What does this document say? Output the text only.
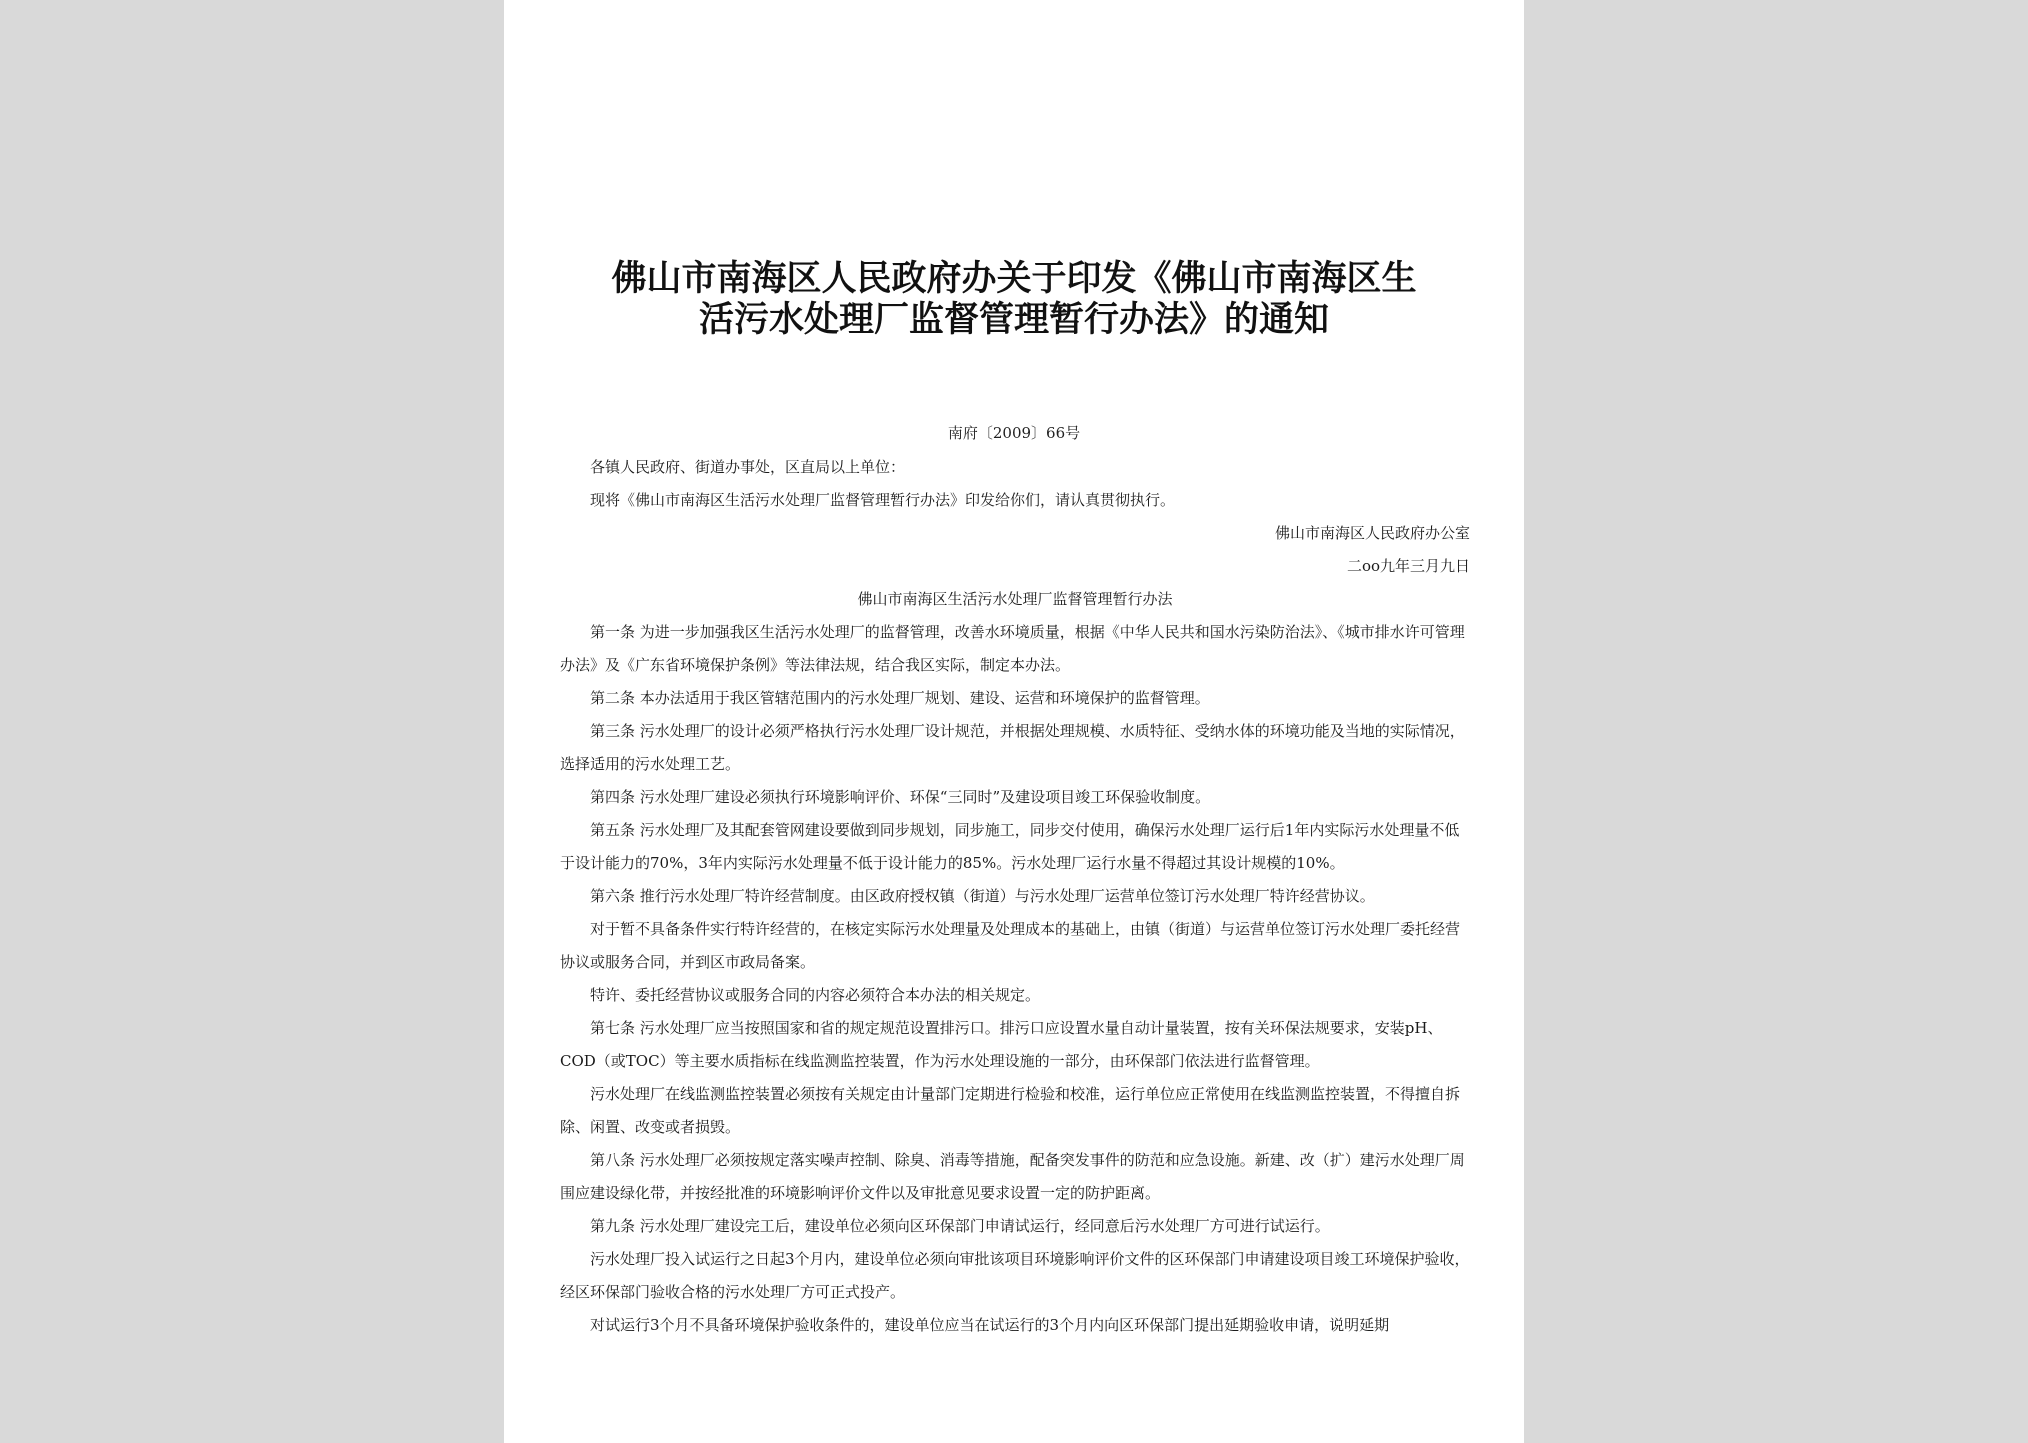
佛山市南海区人民政府办关于印发《佛山市南海区生
活污水处理厂监督管理暂行办法》的通知
南府〔2009〕66号

各镇人民政府、街道办事处，区直局以上单位：

现将《佛山市南海区生活污水处理厂监督管理暂行办法》印发给你们，请认真贯彻执行。

佛山市南海区人民政府办公室

二oo九年三月九日

佛山市南海区生活污水处理厂监督管理暂行办法

第一条 为进一步加强我区生活污水处理厂的监督管理，改善水环境质量，根据《中华人民共和国水污染防治法》、《城市排水许可管理办法》及《广东省环境保护条例》等法律法规，结合我区实际，制定本办法。

第二条 本办法适用于我区管辖范围内的污水处理厂规划、建设、运营和环境保护的监督管理。

第三条 污水处理厂的设计必须严格执行污水处理厂设计规范，并根据处理规模、水质特征、受纳水体的环境功能及当地的实际情况，选择适用的污水处理工艺。

第四条 污水处理厂建设必须执行环境影响评价、环保“三同时”及建设项目竣工环保验收制度。

第五条 污水处理厂及其配套管网建设要做到同步规划，同步施工，同步交付使用，确保污水处理厂运行后1年内实际污水处理量不低于设计能力的70%，3年内实际污水处理量不低于设计能力的85%。污水处理厂运行水量不得超过其设计规模的10%。

第六条 推行污水处理厂特许经营制度。由区政府授权镇（街道）与污水处理厂运营单位签订污水处理厂特许经营协议。

对于暂不具备条件实行特许经营的，在核定实际污水处理量及处理成本的基础上，由镇（街道）与运营单位签订污水处理厂委托经营协议或服务合同，并到区市政局备案。

特许、委托经营协议或服务合同的内容必须符合本办法的相关规定。

第七条 污水处理厂应当按照国家和省的规定规范设置排污口。排污口应设置水量自动计量装置，按有关环保法规要求，安装pH、COD（或TOC）等主要水质指标在线监测监控装置，作为污水处理设施的一部分，由环保部门依法进行监督管理。

污水处理厂在线监测监控装置必须按有关规定由计量部门定期进行检验和校准，运行单位应正常使用在线监测监控装置，不得擅自拆除、闲置、改变或者损毁。

第八条 污水处理厂必须按规定落实噪声控制、除臭、消毒等措施，配备突发事件的防范和应急设施。新建、改（扩）建污水处理厂周围应建设绿化带，并按经批准的环境影响评价文件以及审批意见要求设置一定的防护距离。

第九条 污水处理厂建设完工后，建设单位必须向区环保部门申请试运行，经同意后污水处理厂方可进行试运行。

污水处理厂投入试运行之日起3个月内，建设单位必须向审批该项目环境影响评价文件的区环保部门申请建设项目竣工环境保护验收，经区环保部门验收合格的污水处理厂方可正式投产。

对试运行3个月不具备环境保护验收条件的，建设单位应当在试运行的3个月内向区环保部门提出延期验收申请，说明延期
